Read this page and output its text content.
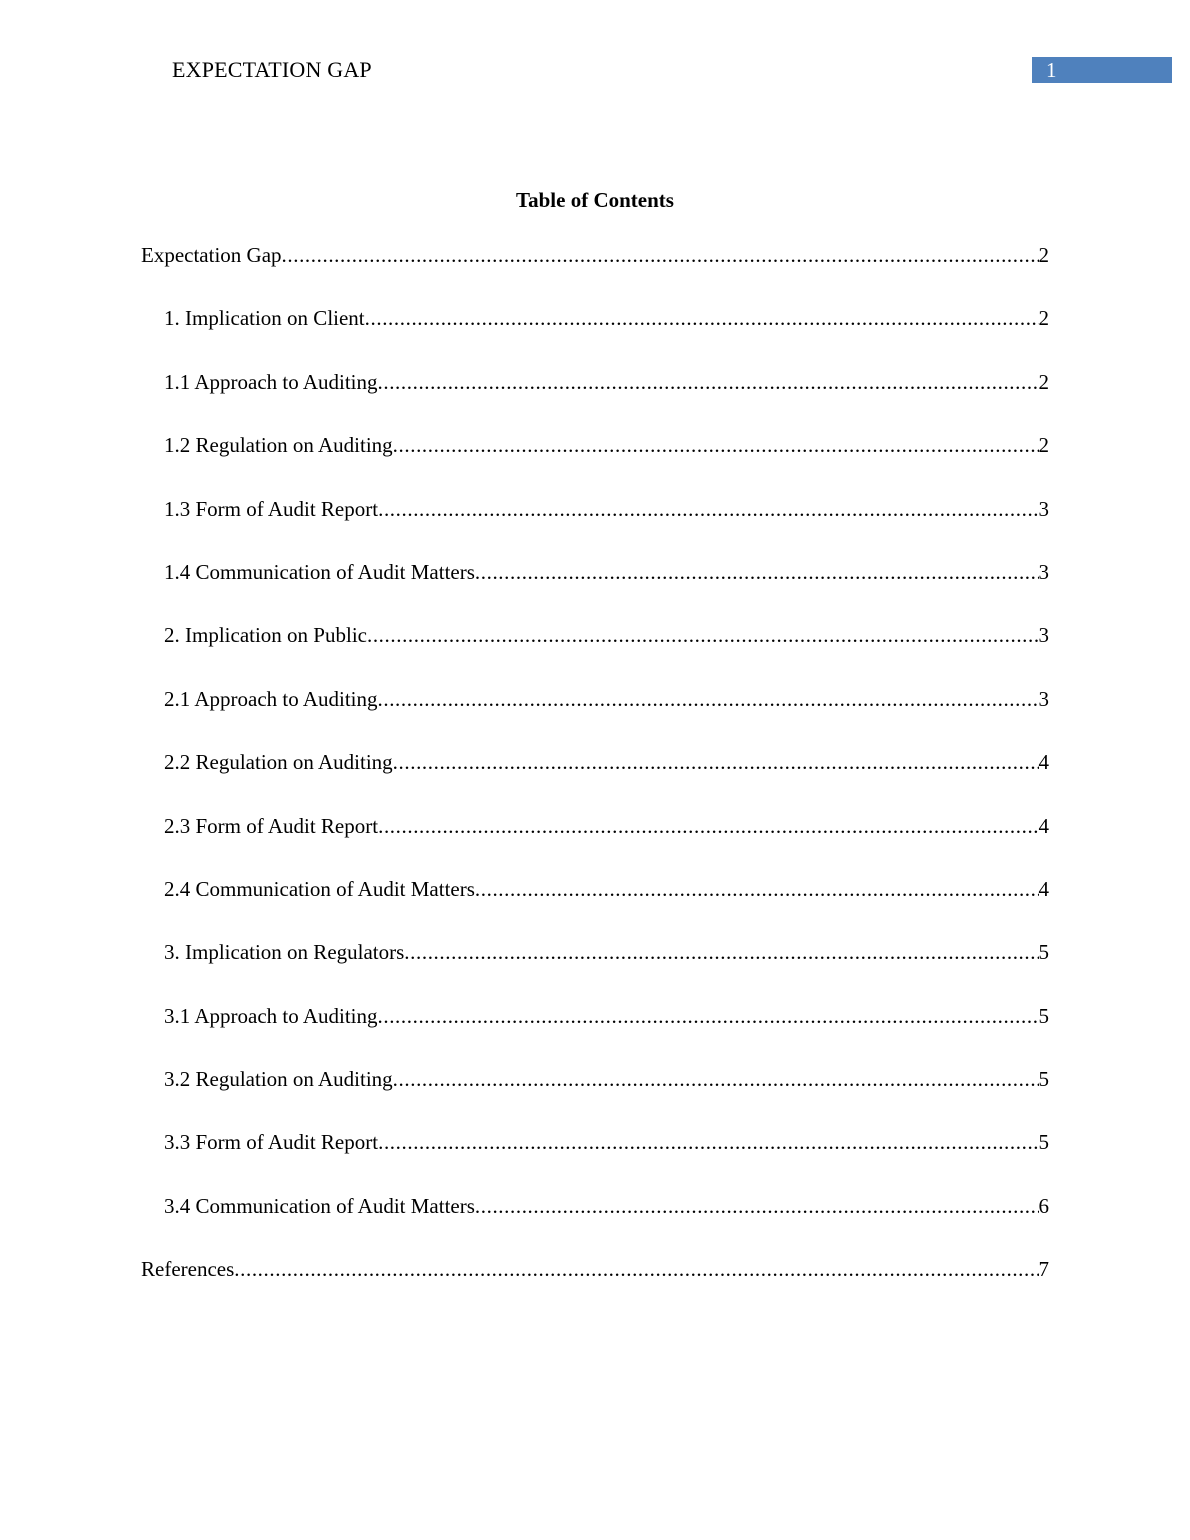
EXPECTATION GAP	1
Table of Contents
Expectation Gap .....	2
1. Implication on Client .....	2
1.1 Approach to Auditing .....	2
1.2 Regulation on Auditing .....	2
1.3 Form of Audit Report .....	3
1.4 Communication of Audit Matters .....	3
2. Implication on Public .....	3
2.1 Approach to Auditing .....	3
2.2 Regulation on Auditing .....	4
2.3 Form of Audit Report .....	4
2.4 Communication of Audit Matters .....	4
3. Implication on Regulators .....	5
3.1 Approach to Auditing .....	5
3.2 Regulation on Auditing .....	5
3.3 Form of Audit Report .....	5
3.4 Communication of Audit Matters .....	6
References .....	7
